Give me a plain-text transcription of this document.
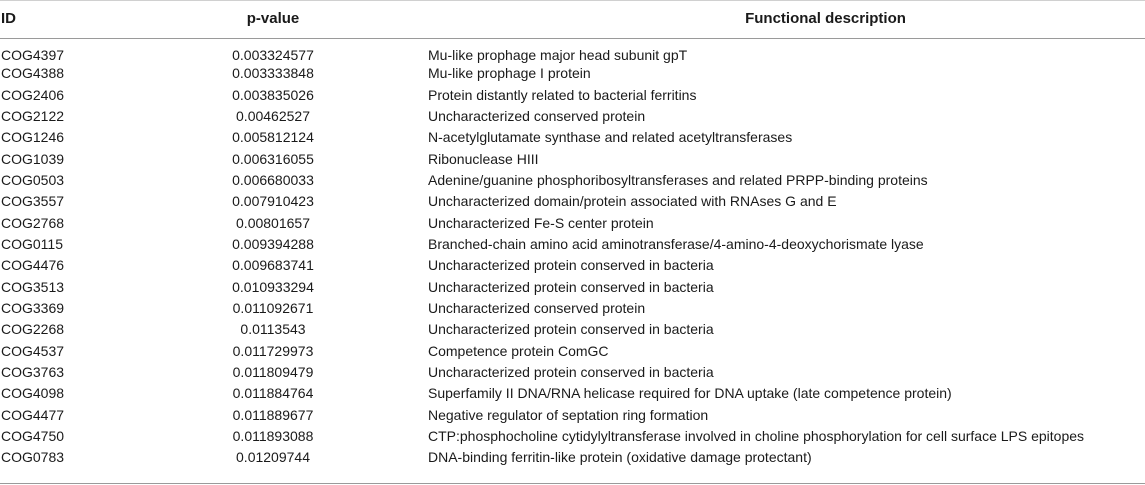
ID	p-value	Functional description
COG4397	0.003324577	Mu-like prophage major head subunit gpT
COG4388	0.003333848	Mu-like prophage I protein
COG2406	0.003835026	Protein distantly related to bacterial ferritins
COG2122	0.00462527	Uncharacterized conserved protein
COG1246	0.005812124	N-acetylglutamate synthase and related acetyltransferases
COG1039	0.006316055	Ribonuclease HIII
COG0503	0.006680033	Adenine/guanine phosphoribosyltransferases and related PRPP-binding proteins
COG3557	0.007910423	Uncharacterized domain/protein associated with RNAses G and E
COG2768	0.00801657	Uncharacterized Fe-S center protein
COG0115	0.009394288	Branched-chain amino acid aminotransferase/4-amino-4-deoxychorismate lyase
COG4476	0.009683741	Uncharacterized protein conserved in bacteria
COG3513	0.010933294	Uncharacterized protein conserved in bacteria
COG3369	0.011092671	Uncharacterized conserved protein
COG2268	0.0113543	Uncharacterized protein conserved in bacteria
COG4537	0.011729973	Competence protein ComGC
COG3763	0.011809479	Uncharacterized protein conserved in bacteria
COG4098	0.011884764	Superfamily II DNA/RNA helicase required for DNA uptake (late competence protein)
COG4477	0.011889677	Negative regulator of septation ring formation
COG4750	0.011893088	CTP:phosphocholine cytidylyltransferase involved in choline phosphorylation for cell surface LPS epitopes
COG0783	0.01209744	DNA-binding ferritin-like protein (oxidative damage protectant)
